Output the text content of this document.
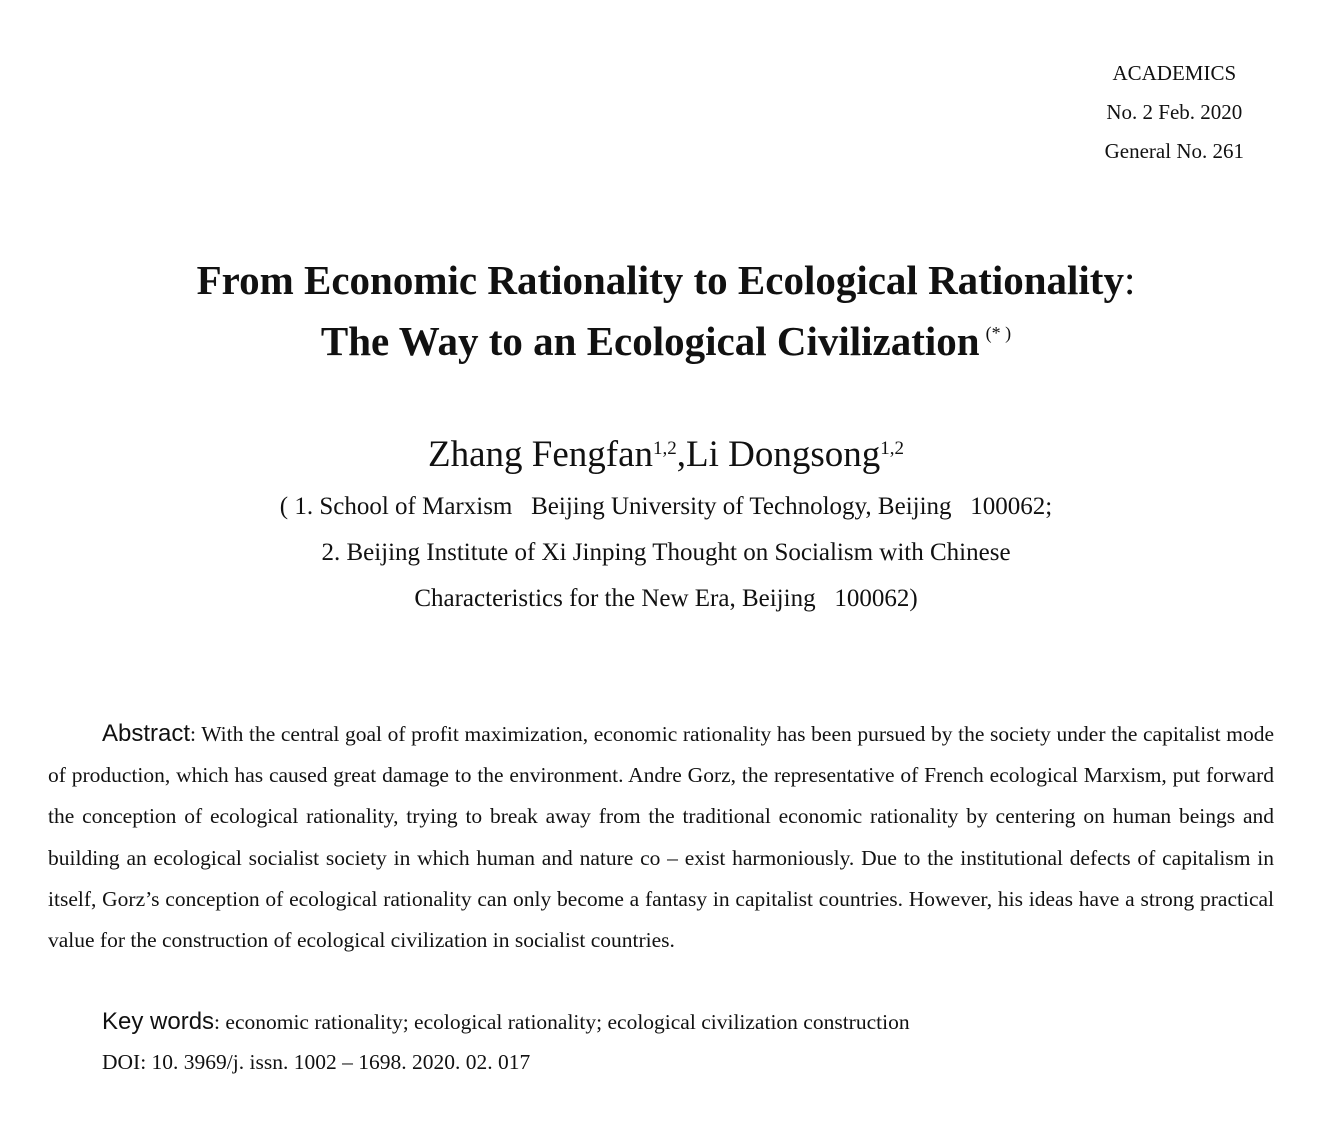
ACADEMICS
No. 2 Feb. 2020
General No. 261
From Economic Rationality to Ecological Rationality:
The Way to an Ecological Civilization (* )
Zhang Fengfan$^{1,2}$,Li Dongsong$^{1,2}$
( 1. School of Marxism   Beijing University of Technology, Beijing   100062;
2. Beijing Institute of Xi Jinping Thought on Socialism with Chinese
Characteristics for the New Era, Beijing   100062)
Abstract: With the central goal of profit maximization, economic rationality has been pursued by the society under the capitalist mode of production, which has caused great damage to the environment. Andre Gorz, the representative of French ecological Marxism, put forward the conception of ecological rationality, trying to break away from the traditional economic rationality by centering on human beings and building an ecological socialist society in which human and nature co – exist harmoniously. Due to the institutional defects of capitalism in itself, Gorz’s conception of ecological rationality can only become a fantasy in capitalist countries. However, his ideas have a strong practical value for the construction of ecological civilization in socialist countries.
Key words: economic rationality; ecological rationality; ecological civilization construction
DOI: 10. 3969/j. issn. 1002 – 1698. 2020. 02. 017
